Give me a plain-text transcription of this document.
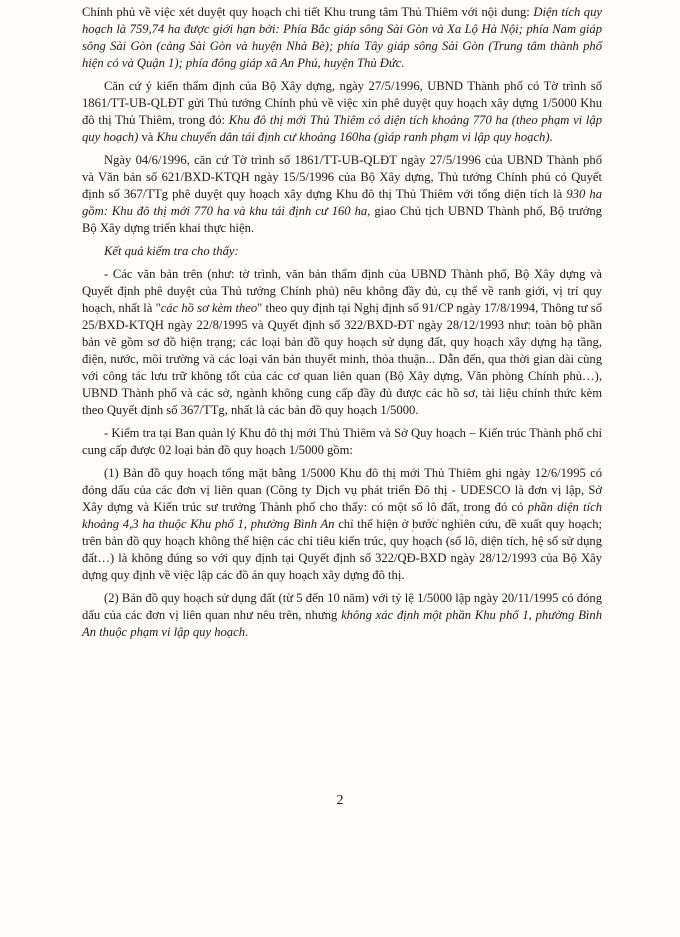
Chính phủ về việc xét duyệt quy hoạch chi tiết Khu trung tâm Thủ Thiêm với nội dung: Diện tích quy hoạch là 759,74 ha được giới hạn bởi: Phía Bắc giáp sông Sài Gòn và Xa Lộ Hà Nội; phía Nam giáp sông Sài Gòn (cảng Sài Gòn và huyện Nhà Bè); phía Tây giáp sông Sài Gòn (Trung tâm thành phố hiện có và Quận 1); phía đông giáp xã An Phú, huyện Thủ Đức.

Căn cứ ý kiến thẩm định của Bộ Xây dựng, ngày 27/5/1996, UBND Thành phố có Tờ trình số 1861/TT-UB-QLĐT gửi Thủ tướng Chính phủ về việc xin phê duyệt quy hoạch xây dựng 1/5000 Khu đô thị Thủ Thiêm, trong đó: Khu đô thị mới Thủ Thiêm có diện tích khoảng 770 ha (theo phạm vi lập quy hoạch) và Khu chuyển dân tái định cư khoảng 160ha (giáp ranh phạm vi lập quy hoạch).

Ngày 04/6/1996, căn cứ Tờ trình số 1861/TT-UB-QLĐT ngày 27/5/1996 của UBND Thành phố và Văn bản số 621/BXD-KTQH ngày 15/5/1996 của Bộ Xây dựng, Thủ tướng Chính phủ có Quyết định số 367/TTg phê duyệt quy hoạch xây dựng Khu đô thị Thủ Thiêm với tổng diện tích là 930 ha gồm: Khu đô thị mới 770 ha và khu tái định cư 160 ha, giao Chủ tịch UBND Thành phố, Bộ trưởng Bộ Xây dựng triển khai thực hiện.

Kết quả kiểm tra cho thấy:

- Các văn bản trên (như: tờ trình, văn bản thẩm định của UBND Thành phố, Bộ Xây dựng và Quyết định phê duyệt của Thủ tướng Chính phủ) nêu không đầy đủ, cụ thể về ranh giới, vị trí quy hoạch, nhất là "các hồ sơ kèm theo" theo quy định tại Nghị định số 91/CP ngày 17/8/1994, Thông tư số 25/BXD-KTQH ngày 22/8/1995 và Quyết định số 322/BXD-ĐT ngày 28/12/1993 như: toàn bộ phần bản vẽ gồm sơ đồ hiện trạng; các loại bản đồ quy hoạch sử dụng đất, quy hoạch xây dựng hạ tầng, điện, nước, môi trường và các loại văn bản thuyết minh, thỏa thuận... Dẫn đến, qua thời gian dài cùng với công tác lưu trữ không tốt của các cơ quan liên quan (Bộ Xây dựng, Văn phòng Chính phủ…), UBND Thành phố và các sở, ngành không cung cấp đầy đủ được các hồ sơ, tài liệu chính thức kèm theo Quyết định số 367/TTg, nhất là các bản đồ quy hoạch 1/5000.

- Kiểm tra tại Ban quản lý Khu đô thị mới Thủ Thiêm và Sở Quy hoạch – Kiến trúc Thành phố chỉ cung cấp được 02 loại bản đồ quy hoạch 1/5000 gồm:

(1) Bản đồ quy hoạch tổng mặt bằng 1/5000 Khu đô thị mới Thủ Thiêm ghi ngày 12/6/1995 có đóng dấu của các đơn vị liên quan (Công ty Dịch vụ phát triển Đô thị - UDESCO là đơn vị lập, Sở Xây dựng và Kiến trúc sư trưởng Thành phố cho thấy: có một số lô đất, trong đó có phần diện tích khoảng 4,3 ha thuộc Khu phố 1, phường Bình An chỉ thể hiện ở bước nghiên cứu, đề xuất quy hoạch; trên bản đồ quy hoạch không thể hiện các chỉ tiêu kiến trúc, quy hoạch (số lô, diện tích, hệ số sử dụng đất…) là không đúng so với quy định tại Quyết định số 322/QĐ-BXD ngày 28/12/1993 của Bộ Xây dựng quy định về việc lập các đồ án quy hoạch xây dựng đô thị.

(2) Bản đồ quy hoạch sử dụng đất (từ 5 đến 10 năm) với tỷ lệ 1/5000 lập ngày 20/11/1995 có đóng dấu của các đơn vị liên quan như nêu trên, nhưng không xác định một phần Khu phố 1, phường Bình An thuộc phạm vi lập quy hoạch.

2
